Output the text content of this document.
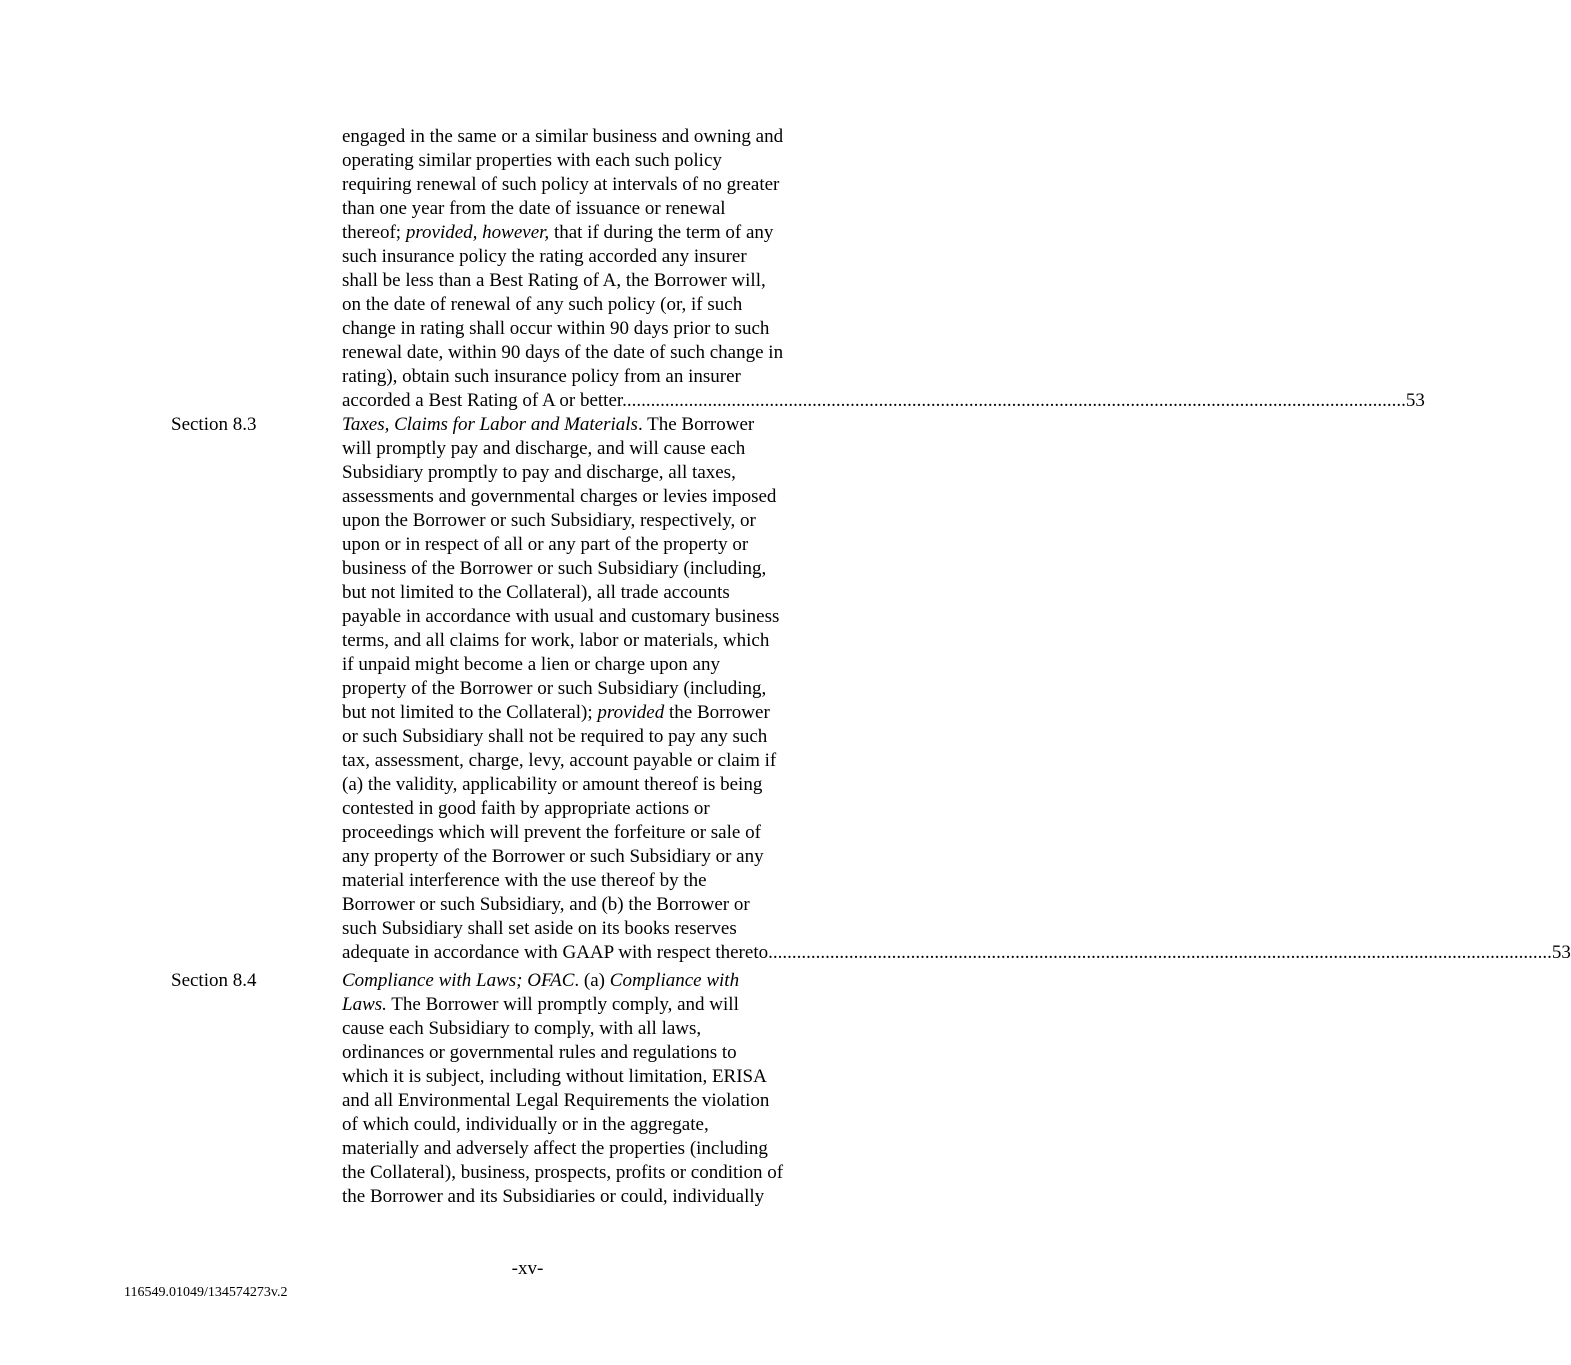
engaged in the same or a similar business and owning and
operating similar properties with each such policy
requiring renewal of such policy at intervals of no greater
than one year from the date of issuance or renewal
thereof; provided, however, that if during the term of any
such insurance policy the rating accorded any insurer
shall be less than a Best Rating of A, the Borrower will,
on the date of renewal of any such policy (or, if such
change in rating shall occur within 90 days prior to such
renewal date, within 90 days of the date of such change in
rating), obtain such insurance policy from an insurer
accorded a Best Rating of A or better. .................................................................................................................................................................... 53
Section 8.3	Taxes, Claims for Labor and Materials. The Borrower
will promptly pay and discharge, and will cause each
Subsidiary promptly to pay and discharge, all taxes,
assessments and governmental charges or levies imposed
upon the Borrower or such Subsidiary, respectively, or
upon or in respect of all or any part of the property or
business of the Borrower or such Subsidiary (including,
but not limited to the Collateral), all trade accounts
payable in accordance with usual and customary business
terms, and all claims for work, labor or materials, which
if unpaid might become a lien or charge upon any
property of the Borrower or such Subsidiary (including,
but not limited to the Collateral); provided the Borrower
or such Subsidiary shall not be required to pay any such
tax, assessment, charge, levy, account payable or claim if
(a) the validity, applicability or amount thereof is being
contested in good faith by appropriate actions or
proceedings which will prevent the forfeiture or sale of
any property of the Borrower or such Subsidiary or any
material interference with the use thereof by the
Borrower or such Subsidiary, and (b) the Borrower or
such Subsidiary shall set aside on its books reserves
adequate in accordance with GAAP with respect thereto. .................................................................................................................................................................... 53
Section 8.4	Compliance with Laws; OFAC. (a) Compliance with
Laws. The Borrower will promptly comply, and will
cause each Subsidiary to comply, with all laws,
ordinances or governmental rules and regulations to
which it is subject, including without limitation, ERISA
and all Environmental Legal Requirements the violation
of which could, individually or in the aggregate,
materially and adversely affect the properties (including
the Collateral), business, prospects, profits or condition of
the Borrower and its Subsidiaries or could, individually
-xv-
116549.01049/134574273v.2
